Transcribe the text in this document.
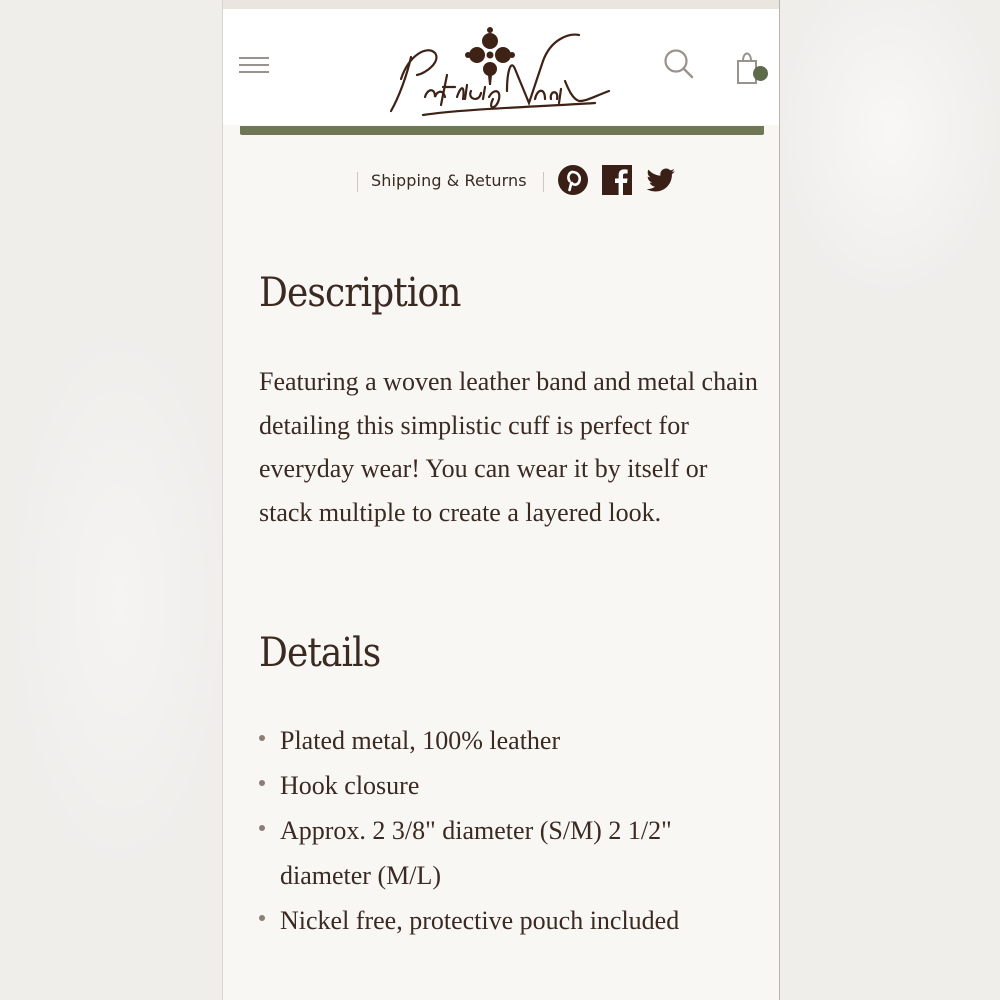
Shipping & Returns
Description

Featuring a woven leather band and metal chain detailing this simplistic cuff is perfect for everyday wear! You can wear it by itself or stack multiple to create a layered look.

Details
Plated metal, 100% leather
Hook closure
Approx. 2 3/8" diameter (S/M) 2 1/2" diameter (M/L)
Nickel free, protective pouch included
